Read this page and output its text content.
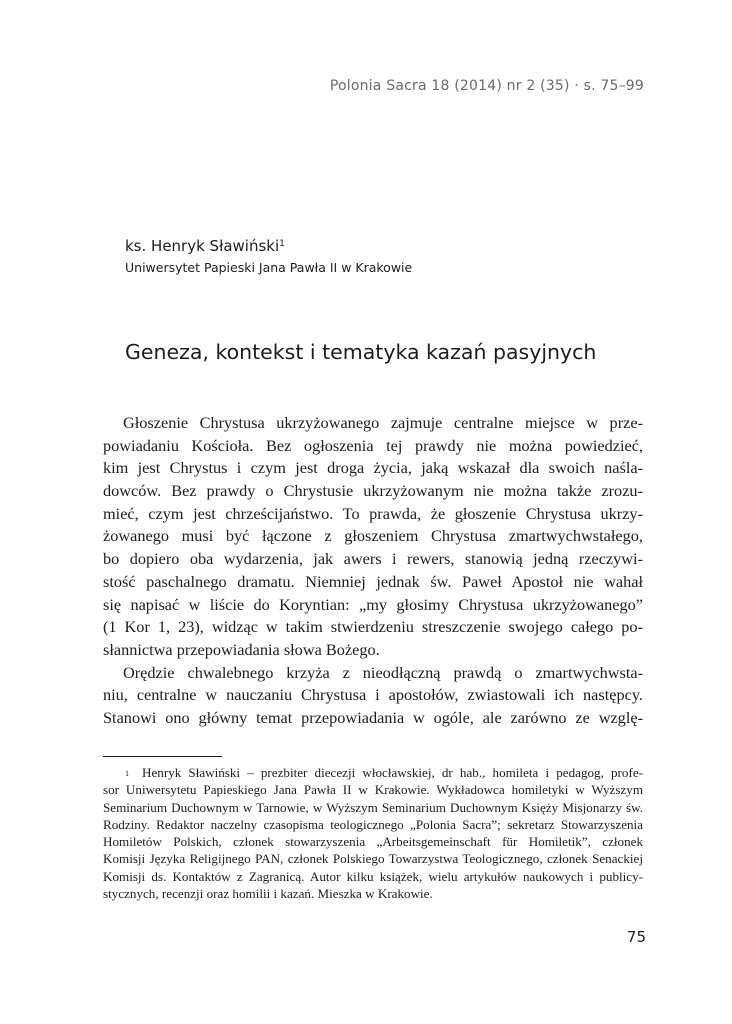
Polonia Sacra 18 (2014) nr 2 (35) · s. 75–99
ks. Henryk Sławiński$^1$
Uniwersytet Papieski Jana Pawła II w Krakowie
Geneza, kontekst i tematyka kazań pasyjnych
Głoszenie Chrystusa ukrzyżowanego zajmuje centralne miejsce w prze-
powiadaniu Kościoła. Bez ogłoszenia tej prawdy nie można powiedzieć,
kim jest Chrystus i czym jest droga życia, jaką wskazał dla swoich naśla-
dowców. Bez prawdy o Chrystusie ukrzyżowanym nie można także zrozu-
mieć, czym jest chrześcijaństwo. To prawda, że głoszenie Chrystusa ukrzy-
żowanego musi być łączone z głoszeniem Chrystusa zmartwychwstałego,
bo dopiero oba wydarzenia, jak awers i rewers, stanowią jedną rzeczywi-
stość paschalnego dramatu. Niemniej jednak św. Paweł Apostoł nie wahał
się napisać w liście do Koryntian: „my głosimy Chrystusa ukrzyżowanego”
(1 Kor 1, 23), widząc w takim stwierdzeniu streszczenie swojego całego po-
słannictwa przepowiadania słowa Bożego.
Orędzie chwalebnego krzyża z nieodłączną prawdą o zmartwychwsta-
niu, centralne w nauczaniu Chrystusa i apostołów, zwiastowali ich następcy.
Stanowi ono główny temat przepowiadania w ogóle, ale zarówno ze wzglę-
$^1$ Henryk Sławiński – prezbiter diecezji włocławskiej, dr hab., homileta i pedagog, profe-
sor Uniwersytetu Papieskiego Jana Pawła II w Krakowie. Wykładowca homiletyki w Wyższym
Seminarium Duchownym w Tarnowie, w Wyższym Seminarium Duchownym Księży Misjonarzy św.
Rodziny. Redaktor naczelny czasopisma teologicznego „Polonia Sacra”; sekretarz Stowarzyszenia
Homiletów Polskich, członek stowarzyszenia „Arbeitsgemeinschaft für Homiletik”, członek
Komisji Języka Religijnego PAN, członek Polskiego Towarzystwa Teologicznego, członek Senackiej
Komisji ds. Kontaktów z Zagranicą. Autor kilku książek, wielu artykułów naukowych i publicy-
stycznych, recenzji oraz homilii i kazań. Mieszka w Krakowie.
75
